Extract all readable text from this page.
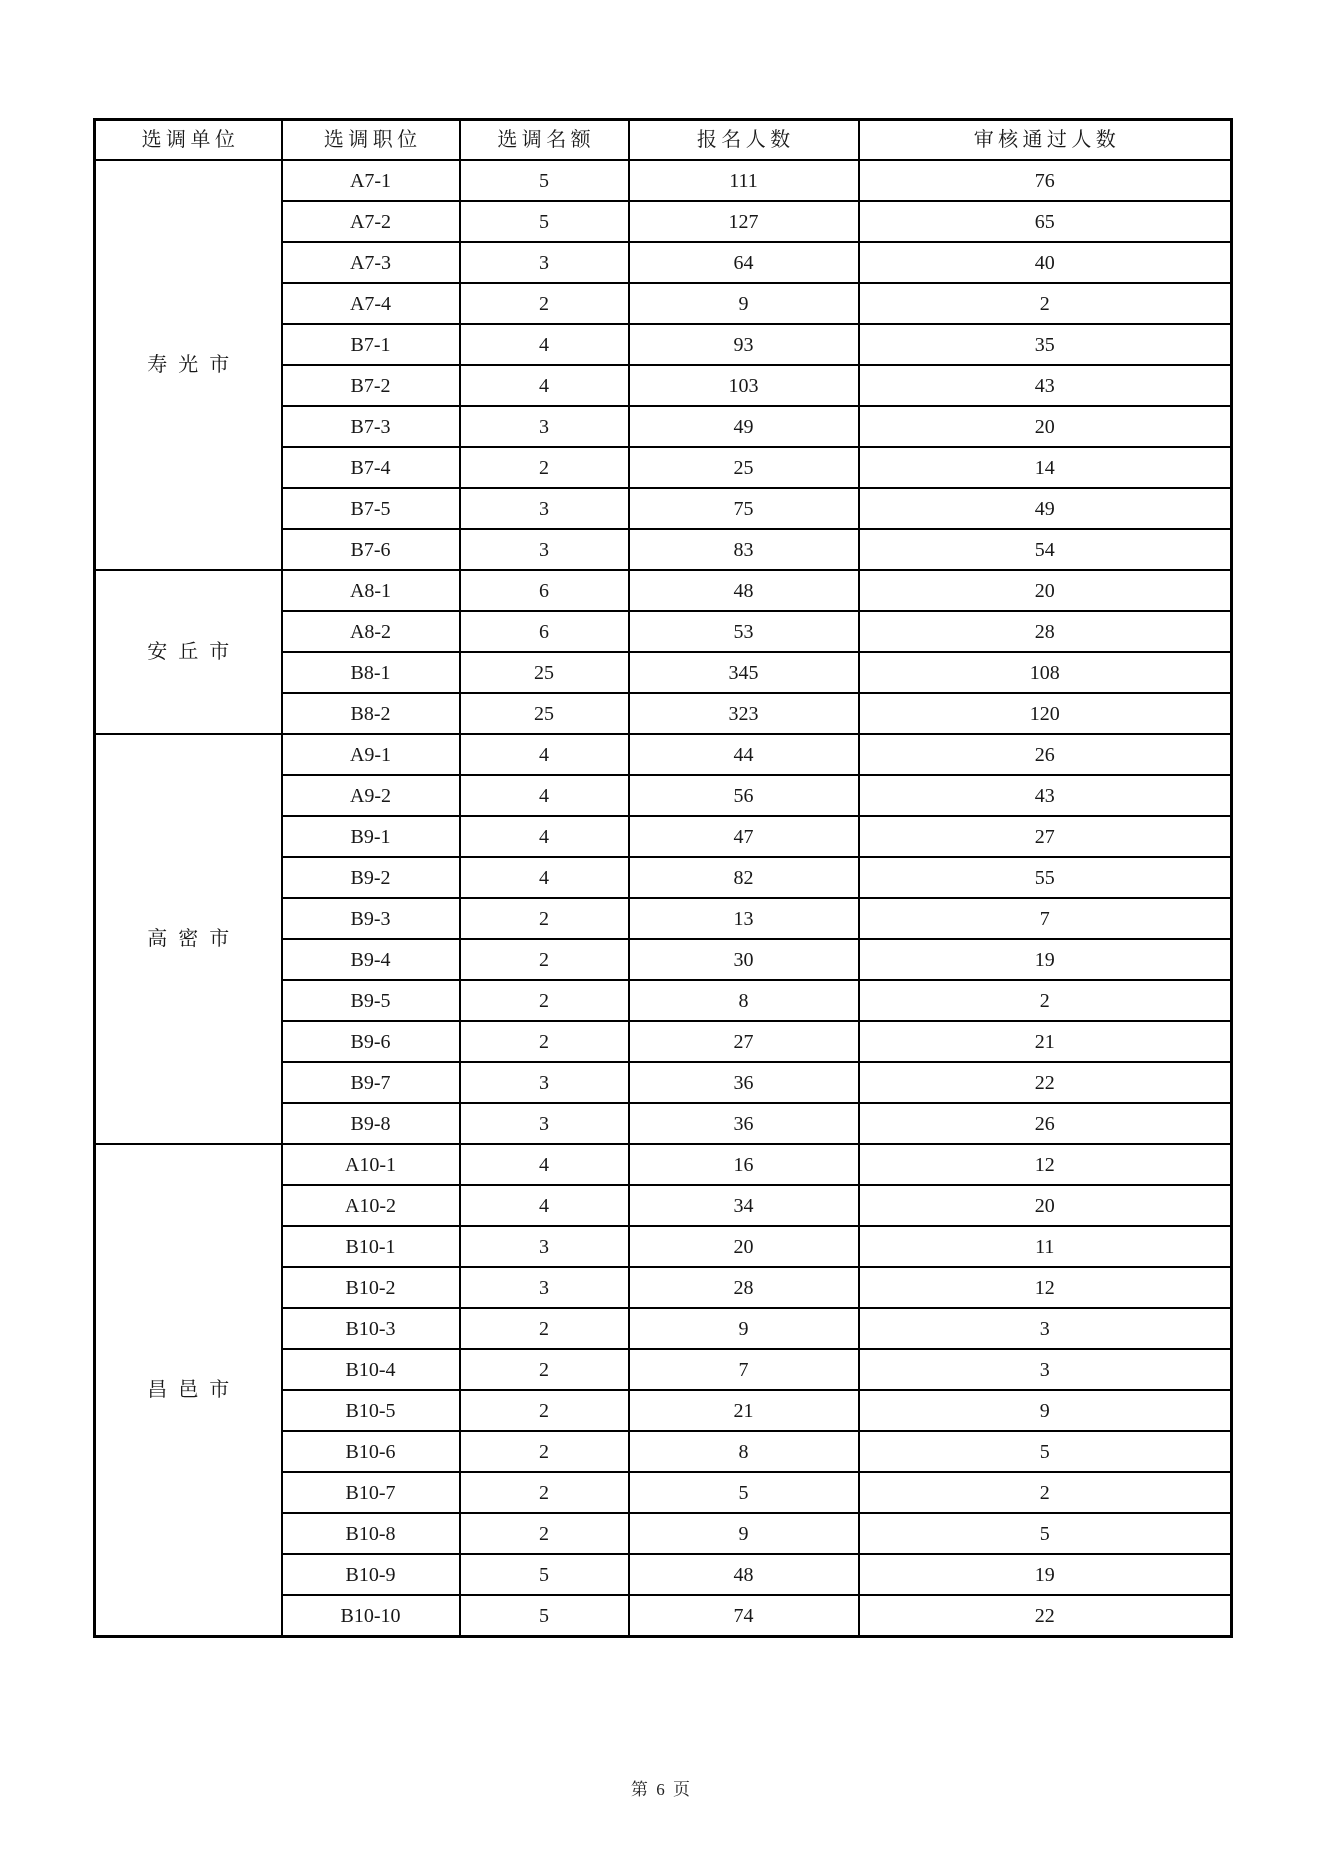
选调单位	选调职位	选调名额	报名人数	审核通过人数
寿光市	A7-1	5	111	76
	A7-2	5	127	65
	A7-3	3	64	40
	A7-4	2	9	2
	B7-1	4	93	35
	B7-2	4	103	43
	B7-3	3	49	20
	B7-4	2	25	14
	B7-5	3	75	49
	B7-6	3	83	54
安丘市	A8-1	6	48	20
	A8-2	6	53	28
	B8-1	25	345	108
	B8-2	25	323	120
高密市	A9-1	4	44	26
	A9-2	4	56	43
	B9-1	4	47	27
	B9-2	4	82	55
	B9-3	2	13	7
	B9-4	2	30	19
	B9-5	2	8	2
	B9-6	2	27	21
	B9-7	3	36	22
	B9-8	3	36	26
昌邑市	A10-1	4	16	12
	A10-2	4	34	20
	B10-1	3	20	11
	B10-2	3	28	12
	B10-3	2	9	3
	B10-4	2	7	3
	B10-5	2	21	9
	B10-6	2	8	5
	B10-7	2	5	2
	B10-8	2	9	5
	B10-9	5	48	19
	B10-10	5	74	22
第 6 页
